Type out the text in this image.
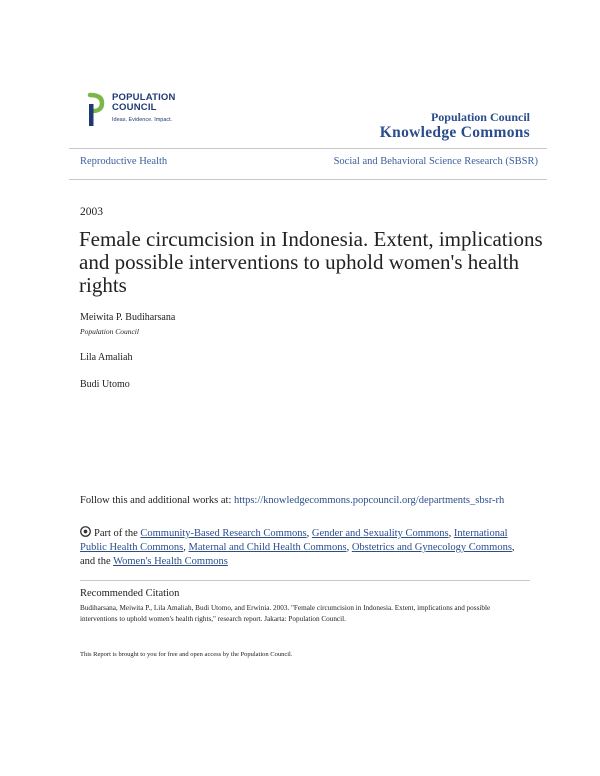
POPULATION
COUNCIL
Ideas. Evidence. Impact.	Population Council
Knowledge Commons
Reproductive Health	Social and Behavioral Science Research (SBSR)
2003
Female circumcision in Indonesia. Extent, implications and possible interventions to uphold women's health rights
Meiwita P. Budiharsana
Population Council
Lila Amaliah
Budi Utomo
Follow this and additional works at: https://knowledgecommons.popcouncil.org/departments_sbsr-rh
Part of the Community-Based Research Commons, Gender and Sexuality Commons, International Public Health Commons, Maternal and Child Health Commons, Obstetrics and Gynecology Commons, and the Women's Health Commons
Recommended Citation
Budiharsana, Meiwita P., Lila Amaliah, Budi Utomo, and Erwinia. 2003. "Female circumcision in Indonesia. Extent, implications and possible interventions to uphold women's health rights," research report. Jakarta: Population Council.
This Report is brought to you for free and open access by the Population Council.
